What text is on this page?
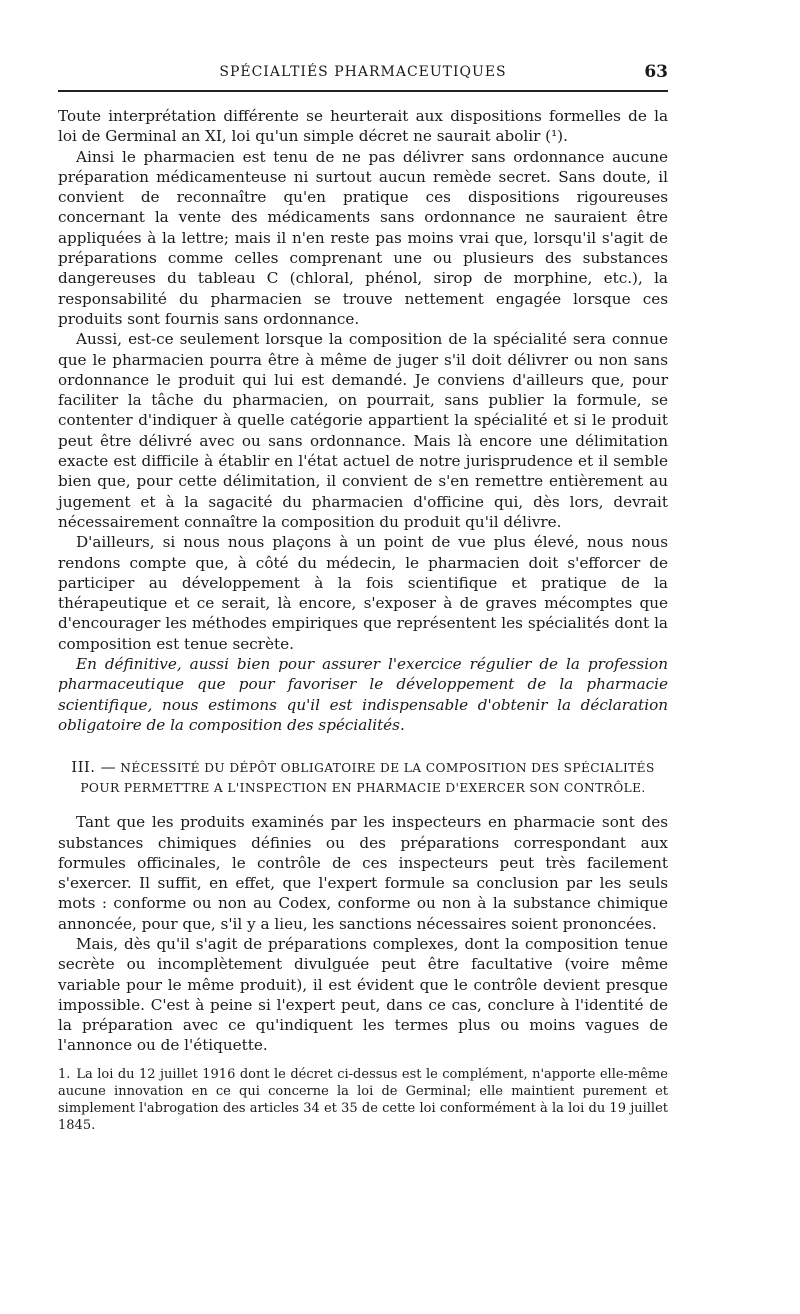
SPÉCIALTIÉS PHARMACEUTIQUES	63

Toute interprétation différente se heurterait aux dispositions formelles de la loi de Germinal an XI, loi qu'un simple décret ne saurait abolir (¹).

Ainsi le pharmacien est tenu de ne pas délivrer sans ordonnance aucune préparation médicamenteuse ni surtout aucun remède secret. Sans doute, il convient de reconnaître qu'en pratique ces dispositions rigoureuses concernant la vente des médicaments sans ordonnance ne sauraient être appliquées à la lettre; mais il n'en reste pas moins vrai que, lorsqu'il s'agit de préparations comme celles comprenant une ou plusieurs des substances dangereuses du tableau C (chloral, phénol, sirop de morphine, etc.), la responsabilité du pharmacien se trouve nettement engagée lorsque ces produits sont fournis sans ordonnance.

Aussi, est-ce seulement lorsque la composition de la spécialité sera connue que le pharmacien pourra être à même de juger s'il doit délivrer ou non sans ordonnance le produit qui lui est demandé. Je conviens d'ailleurs que, pour faciliter la tâche du pharmacien, on pourrait, sans publier la formule, se contenter d'indiquer à quelle catégorie appartient la spécialité et si le produit peut être délivré avec ou sans ordonnance. Mais là encore une délimitation exacte est difficile à établir en l'état actuel de notre jurisprudence et il semble bien que, pour cette délimitation, il convient de s'en remettre entièrement au jugement et à la sagacité du pharmacien d'officine qui, dès lors, devrait nécessairement connaître la composition du produit qu'il délivre.

D'ailleurs, si nous nous plaçons à un point de vue plus élevé, nous nous rendons compte que, à côté du médecin, le pharmacien doit s'efforcer de participer au développement à la fois scientifique et pratique de la thérapeutique et ce serait, là encore, s'exposer à de graves mécomptes que d'encourager les méthodes empiriques que représentent les spécialités dont la composition est tenue secrète.

En définitive, aussi bien pour assurer l'exercice régulier de la profession pharmaceutique que pour favoriser le développement de la pharmacie scientifique, nous estimons qu'il est indispensable d'obtenir la déclaration obligatoire de la composition des spécialités.

III. — NÉCESSITÉ DU DÉPÔT OBLIGATOIRE DE LA COMPOSITION DES SPÉCIALITÉS
POUR PERMETTRE A L'INSPECTION EN PHARMACIE D'EXERCER SON CONTRÔLE.

Tant que les produits examinés par les inspecteurs en pharmacie sont des substances chimiques définies ou des préparations correspondant aux formules officinales, le contrôle de ces inspecteurs peut très facilement s'exercer. Il suffit, en effet, que l'expert formule sa conclusion par les seuls mots : conforme ou non au Codex, conforme ou non à la substance chimique annoncée, pour que, s'il y a lieu, les sanctions nécessaires soient prononcées.

Mais, dès qu'il s'agit de préparations complexes, dont la composition tenue secrète ou incomplètement divulguée peut être facultative (voire même variable pour le même produit), il est évident que le contrôle devient presque impossible. C'est à peine si l'expert peut, dans ce cas, conclure à l'identité de la préparation avec ce qu'indiquent les termes plus ou moins vagues de l'annonce ou de l'étiquette.

1. La loi du 12 juillet 1916 dont le décret ci-dessus est le complément, n'apporte elle-même aucune innovation en ce qui concerne la loi de Germinal; elle maintient purement et simplement l'abrogation des articles 34 et 35 de cette loi conformément à la loi du 19 juillet 1845.
